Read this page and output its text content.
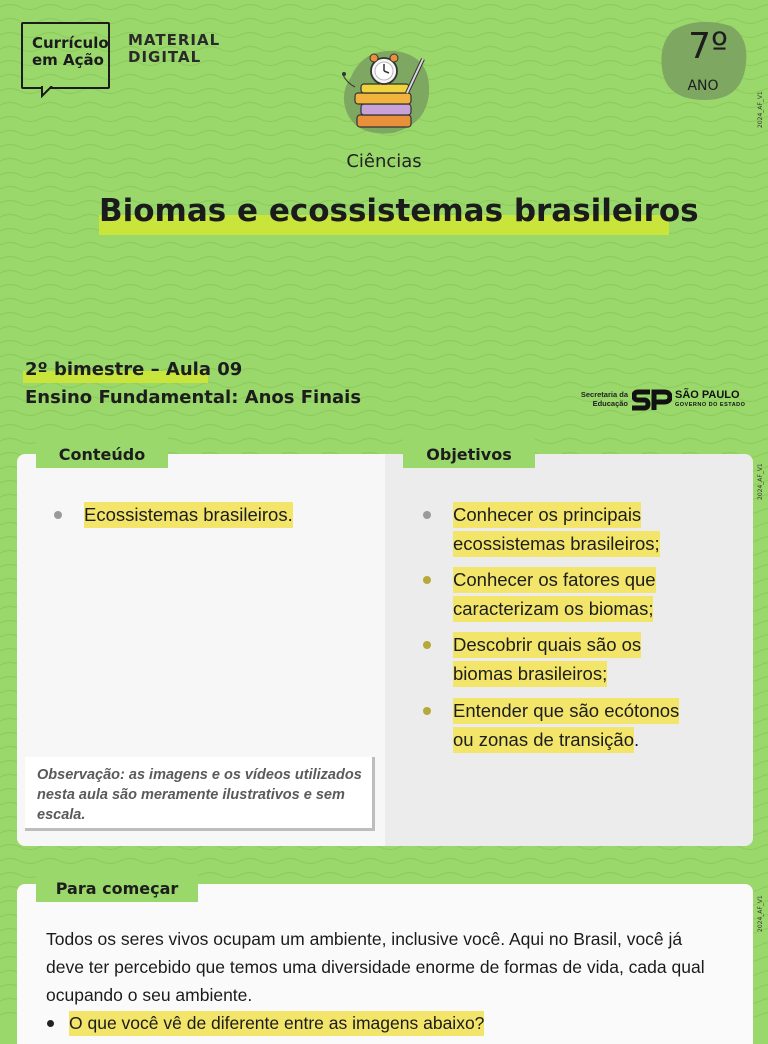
Currículo
em Ação
MATERIAL
DIGITAL	7º
ANO
2024_AF_V1
2024_AF_V1
2024_AF_V1
Ciências
Biomas e ecossistemas brasileiros
2º bimestre – Aula 09
Ensino Fundamental: Anos Finais	Secretaria da
Educação
SÃO PAULO
GOVERNO DO ESTADO
Conteúdo	Objetivos
Ecossistemas brasileiros.	Conhecer os principais
ecossistemas brasileiros;
Conhecer os fatores que
caracterizam os biomas;
Descobrir quais são os
biomas brasileiros;
Entender que são ecótonos
ou zonas de transição.
Observação: as imagens e os vídeos utilizados nesta aula são meramente ilustrativos e sem escala.
Para começar
Todos os seres vivos ocupam um ambiente, inclusive você. Aqui no Brasil, você já deve ter percebido que temos uma diversidade enorme de formas de vida, cada qual ocupando o seu ambiente.
O que você vê de diferente entre as imagens abaixo?
